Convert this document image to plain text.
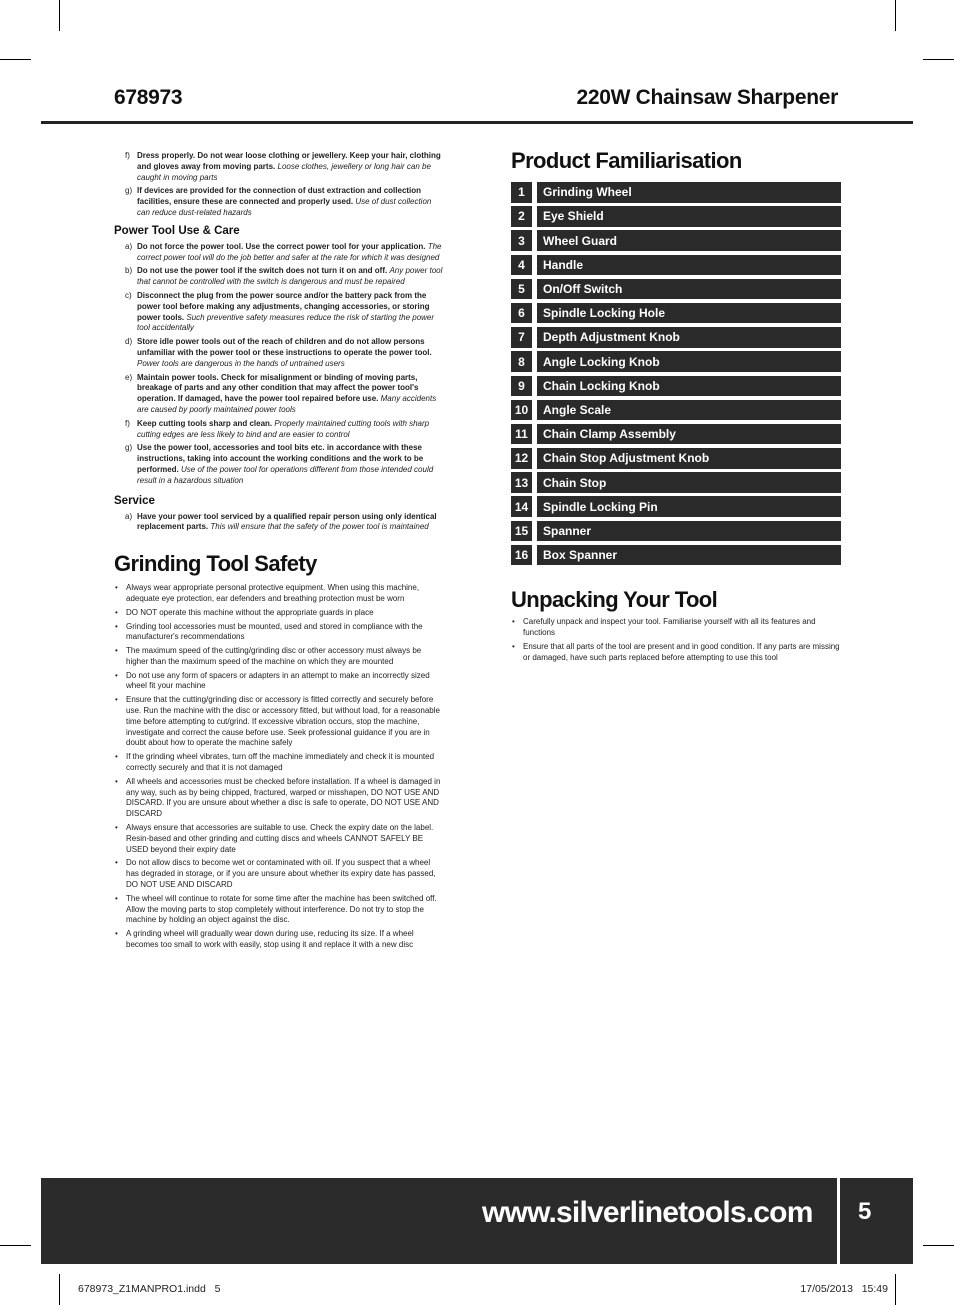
678973	220W Chainsaw Sharpener
f) Dress properly. Do not wear loose clothing or jewellery. Keep your hair, clothing and gloves away from moving parts. Loose clothes, jewellery or long hair can be caught in moving parts
g) If devices are provided for the connection of dust extraction and collection facilities, ensure these are connected and properly used. Use of dust collection can reduce dust-related hazards
Power Tool Use & Care
a) Do not force the power tool. Use the correct power tool for your application. The correct power tool will do the job better and safer at the rate for which it was designed
b) Do not use the power tool if the switch does not turn it on and off. Any power tool that cannot be controlled with the switch is dangerous and must be repaired
c) Disconnect the plug from the power source and/or the battery pack from the power tool before making any adjustments, changing accessories, or storing power tools. Such preventive safety measures reduce the risk of starting the power tool accidentally
d) Store idle power tools out of the reach of children and do not allow persons unfamiliar with the power tool or these instructions to operate the power tool. Power tools are dangerous in the hands of untrained users
e) Maintain power tools. Check for misalignment or binding of moving parts, breakage of parts and any other condition that may affect the power tool's operation. If damaged, have the power tool repaired before use. Many accidents are caused by poorly maintained power tools
f) Keep cutting tools sharp and clean. Properly maintained cutting tools with sharp cutting edges are less likely to bind and are easier to control
g) Use the power tool, accessories and tool bits etc. in accordance with these instructions, taking into account the working conditions and the work to be performed. Use of the power tool for operations different from those intended could result in a hazardous situation
Service
a) Have your power tool serviced by a qualified repair person using only identical replacement parts. This will ensure that the safety of the power tool is maintained
Grinding Tool Safety
• Always wear appropriate personal protective equipment. When using this machine, adequate eye protection, ear defenders and breathing protection must be worn
• DO NOT operate this machine without the appropriate guards in place
• Grinding tool accessories must be mounted, used and stored in compliance with the manufacturer's recommendations
• The maximum speed of the cutting/grinding disc or other accessory must always be higher than the maximum speed of the machine on which they are mounted
• Do not use any form of spacers or adapters in an attempt to make an incorrectly sized wheel fit your machine
• Ensure that the cutting/grinding disc or accessory is fitted correctly and securely before use. Run the machine with the disc or accessory fitted, but without load, for a reasonable time before attempting to cut/grind. If excessive vibration occurs, stop the machine, investigate and correct the cause before use. Seek professional guidance if you are in doubt about how to operate the machine safely
• If the grinding wheel vibrates, turn off the machine immediately and check it is mounted correctly securely and that it is not damaged
• All wheels and accessories must be checked before installation. If a wheel is damaged in any way, such as by being chipped, fractured, warped or misshapen, DO NOT USE AND DISCARD. If you are unsure about whether a disc is safe to operate, DO NOT USE AND DISCARD
• Always ensure that accessories are suitable to use. Check the expiry date on the label. Resin-based and other grinding and cutting discs and wheels CANNOT SAFELY BE USED beyond their expiry date
• Do not allow discs to become wet or contaminated with oil. If you suspect that a wheel has degraded in storage, or if you are unsure about whether its expiry date has passed, DO NOT USE AND DISCARD
• The wheel will continue to rotate for some time after the machine has been switched off. Allow the moving parts to stop completely without interference. Do not try to stop the machine by holding an object against the disc.
• A grinding wheel will gradually wear down during use, reducing its size. If a wheel becomes too small to work with easily, stop using it and replace it with a new disc
Product Familiarisation
1	Grinding Wheel
2	Eye Shield
3	Wheel Guard
4	Handle
5	On/Off Switch
6	Spindle Locking Hole
7	Depth Adjustment Knob
8	Angle Locking Knob
9	Chain Locking Knob
10	Angle Scale
11	Chain Clamp Assembly
12	Chain Stop Adjustment Knob
13	Chain Stop
14	Spindle Locking Pin
15	Spanner
16	Box Spanner
Unpacking Your Tool
• Carefully unpack and inspect your tool. Familiarise yourself with all its features and functions
• Ensure that all parts of the tool are present and in good condition. If any parts are missing or damaged, have such parts replaced before attempting to use this tool
www.silverlinetools.com 5
678973_Z1MANPRO1.indd   5	17/05/2013   15:49
